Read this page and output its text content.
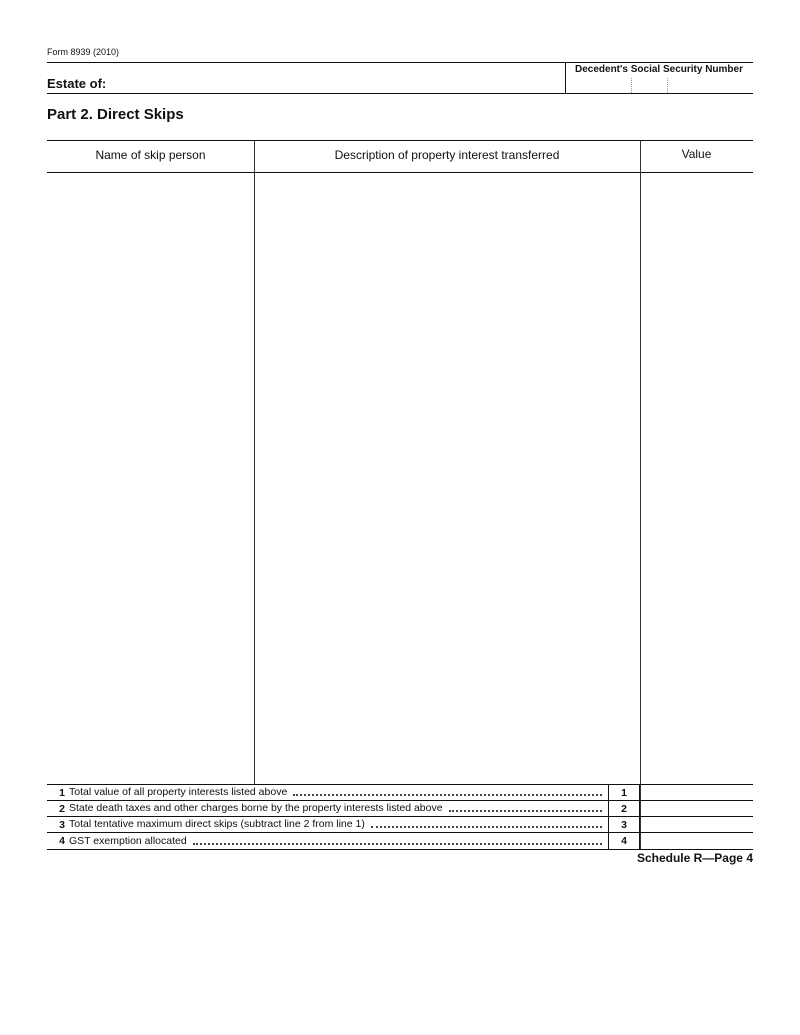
Form 8939 (2010)
Estate of:
Decedent's Social Security Number
Part 2. Direct Skips
Name of skip person	Description of property interest transferred	Value
1 Total value of all property interests listed above	1
2 State death taxes and other charges borne by the property interests listed above	2
3 Total tentative maximum direct skips (subtract line 2 from line 1)	3
4 GST exemption allocated	4
Schedule R—Page 4
